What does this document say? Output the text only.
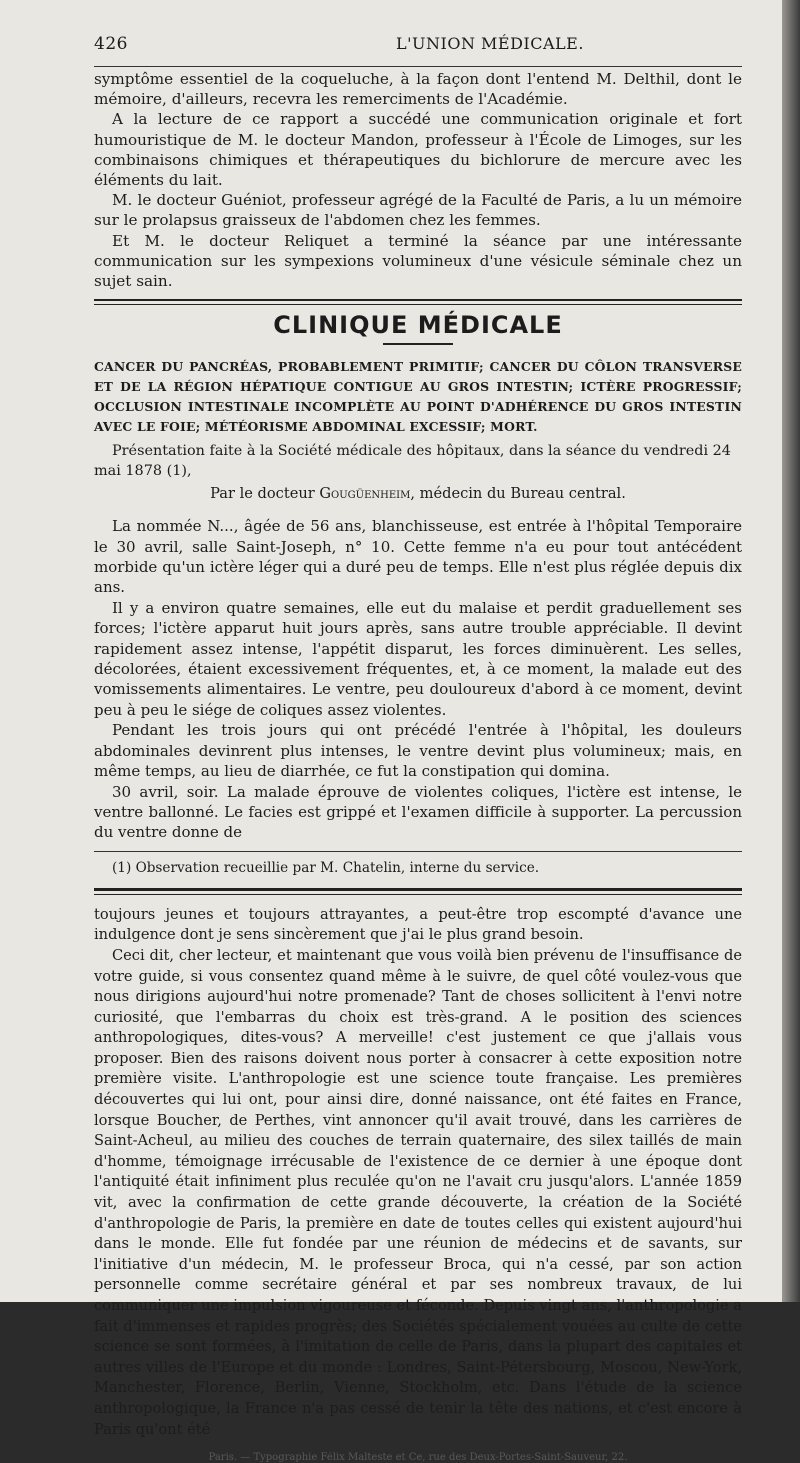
426	L'UNION MÉDICALE.

symptôme essentiel de la coqueluche, à la façon dont l'entend M. Delthil, dont le mémoire, d'ailleurs, recevra les remerciments de l'Académie.

A la lecture de ce rapport a succédé une communication originale et fort humouristique de M. le docteur Mandon, professeur à l'École de Limoges, sur les combinaisons chimiques et thérapeutiques du bichlorure de mercure avec les éléments du lait.

M. le docteur Guéniot, professeur agrégé de la Faculté de Paris, a lu un mémoire sur le prolapsus graisseux de l'abdomen chez les femmes.

Et M. le docteur Reliquet a terminé la séance par une intéressante communication sur les sympexions volumineux d'une vésicule séminale chez un sujet sain.

CLINIQUE MÉDICALE
CANCER DU PANCRÉAS, PROBABLEMENT PRIMITIF; CANCER DU CÔLON TRANSVERSE ET DE LA RÉGION HÉPATIQUE CONTIGUE AU GROS INTESTIN; ICTÈRE PROGRESSIF; OCCLUSION INTESTINALE INCOMPLÈTE AU POINT D'ADHÉRENCE DU GROS INTESTIN AVEC LE FOIE; MÉTÉORISME ABDOMINAL EXCESSIF; MORT.
Présentation faite à la Société médicale des hôpitaux, dans la séance du vendredi 24 mai 1878 (1),
Par le docteur Gougüenheim, médecin du Bureau central.

La nommée N..., âgée de 56 ans, blanchisseuse, est entrée à l'hôpital Temporaire le 30 avril, salle Saint-Joseph, n° 10. Cette femme n'a eu pour tout antécédent morbide qu'un ictère léger qui a duré peu de temps. Elle n'est plus réglée depuis dix ans.

Il y a environ quatre semaines, elle eut du malaise et perdit graduellement ses forces; l'ictère apparut huit jours après, sans autre trouble appréciable. Il devint rapidement assez intense, l'appétit disparut, les forces diminuèrent. Les selles, décolorées, étaient excessivement fréquentes, et, à ce moment, la malade eut des vomissements alimentaires. Le ventre, peu douloureux d'abord à ce moment, devint peu à peu le siége de coliques assez violentes.

Pendant les trois jours qui ont précédé l'entrée à l'hôpital, les douleurs abdominales devinrent plus intenses, le ventre devint plus volumineux; mais, en même temps, au lieu de diarrhée, ce fut la constipation qui domina.

30 avril, soir. La malade éprouve de violentes coliques, l'ictère est intense, le ventre ballonné. Le facies est grippé et l'examen difficile à supporter. La percussion du ventre donne de

(1) Observation recueillie par M. Chatelin, interne du service.

toujours jeunes et toujours attrayantes, a peut-être trop escompté d'avance une indulgence dont je sens sincèrement que j'ai le plus grand besoin.

Ceci dit, cher lecteur, et maintenant que vous voilà bien prévenu de l'insuffisance de votre guide, si vous consentez quand même à le suivre, de quel côté voulez-vous que nous dirigions aujourd'hui notre promenade? Tant de choses sollicitent à l'envi notre curiosité, que l'embarras du choix est très-grand. A le position des sciences anthropologiques, dites-vous? A merveille! c'est justement ce que j'allais vous proposer. Bien des raisons doivent nous porter à consacrer à cette exposition notre première visite. L'anthropologie est une science toute française. Les premières découvertes qui lui ont, pour ainsi dire, donné naissance, ont été faites en France, lorsque Boucher, de Perthes, vint annoncer qu'il avait trouvé, dans les carrières de Saint-Acheul, au milieu des couches de terrain quaternaire, des silex taillés de main d'homme, témoignage irrécusable de l'existence de ce dernier à une époque dont l'antiquité était infiniment plus reculée qu'on ne l'avait cru jusqu'alors. L'année 1859 vit, avec la confirmation de cette grande découverte, la création de la Société d'anthropologie de Paris, la première en date de toutes celles qui existent aujourd'hui dans le monde. Elle fut fondée par une réunion de médecins et de savants, sur l'initiative d'un médecin, M. le professeur Broca, qui n'a cessé, par son action personnelle comme secrétaire général et par ses nombreux travaux, de lui communiquer une impulsion vigoureuse et féconde. Depuis vingt ans, l'anthropologie a fait d'immenses et rapides progrès; des Sociétés spécialement vouées au culte de cette science se sont formées, à l'imitation de celle de Paris, dans la plupart des capitales et autres villes de l'Europe et du monde : Londres, Saint-Pétersbourg, Moscou, New-York, Manchester, Florence, Berlin, Vienne, Stockholm, etc. Dans l'étude de la science anthropologique, la France n'a pas cessé de tenir la tête des nations, et c'est encore à Paris qu'ont été

Paris. — Typographie Félix Malteste et Ce, rue des Deux-Portes-Saint-Sauveur, 22.
